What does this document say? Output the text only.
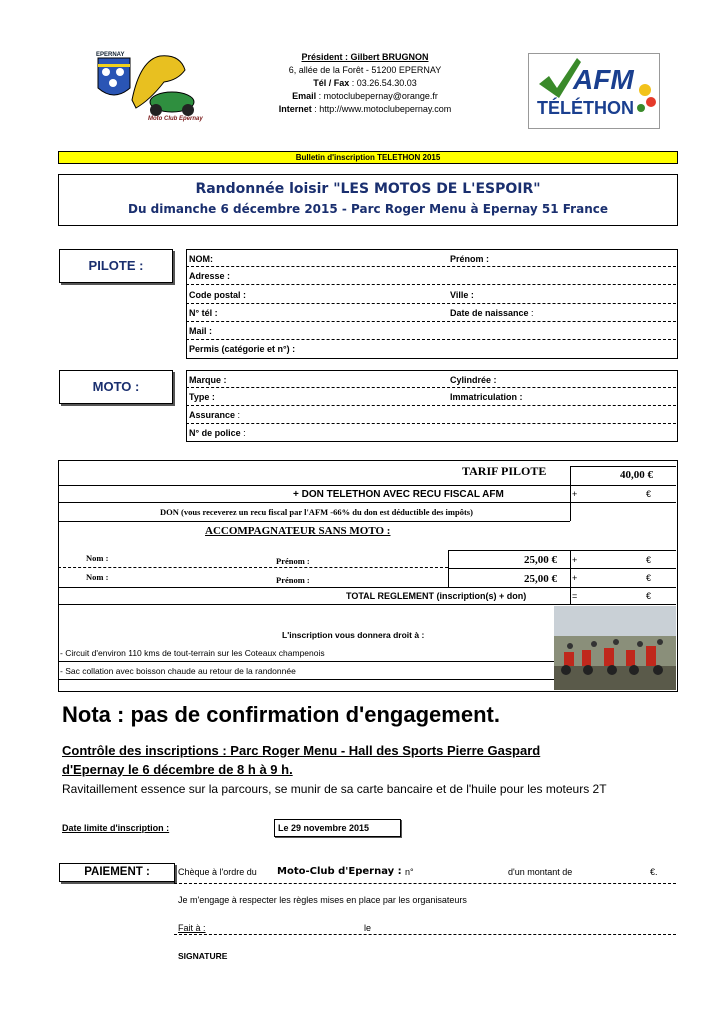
EPERNAY
Moto Club Epernay
Président : Gilbert BRUGNON
6, allée de la Forêt - 51200 EPERNAY
Tél / Fax : 03.26.54.30.03
Email : motoclubepernay@orange.fr
Internet : http://www.motoclubepernay.com
AFM
TÉLÉTHON
Bulletin d'inscription TELETHON 2015
Randonnée loisir "LES MOTOS DE L'ESPOIR"
Du dimanche 6 décembre 2015 - Parc Roger Menu à Epernay 51 France
PILOTE :	NOM:	Prénom :
Adresse :
Code postal :	Ville :
N° tél :	Date de naissance :
Mail :
Permis (catégorie et n°) :
MOTO :	Marque :	Cylindrée :
Type :	Immatriculation :
Assurance :
N° de police :
TARIF PILOTE	40,00 €
+ DON TELETHON AVEC RECU FISCAL AFM	+	€
DON (vous receverez un recu fiscal par l'AFM -66% du don est déductible des impôts)
ACCOMPAGNATEUR SANS MOTO :
Nom :	Prénom :	25,00 € +	€
Nom :	Prénom :	25,00 € +	€
TOTAL REGLEMENT (inscription(s) + don)	=	€
L'inscription vous donnera droit à :
- Circuit d'environ 110 kms de tout-terrain sur les Coteaux champenois
- Sac collation avec boisson chaude au retour de la randonnée
Nota : pas de confirmation d'engagement.
Contrôle des inscriptions : Parc Roger Menu - Hall des Sports Pierre Gaspard
d'Epernay le 6 décembre de 8 h à 9 h.
Ravitaillement essence sur la parcours, se munir de sa carte bancaire et de l'huile pour les moteurs 2T
Date limite d'inscription :	Le 29 novembre 2015
PAIEMENT :	Chèque à l'ordre du Moto-Club d'Epernay : n°	d'un montant de	€.
Je m'engage à respecter les règles mises en place par les organisateurs
Fait à :	le
SIGNATURE
